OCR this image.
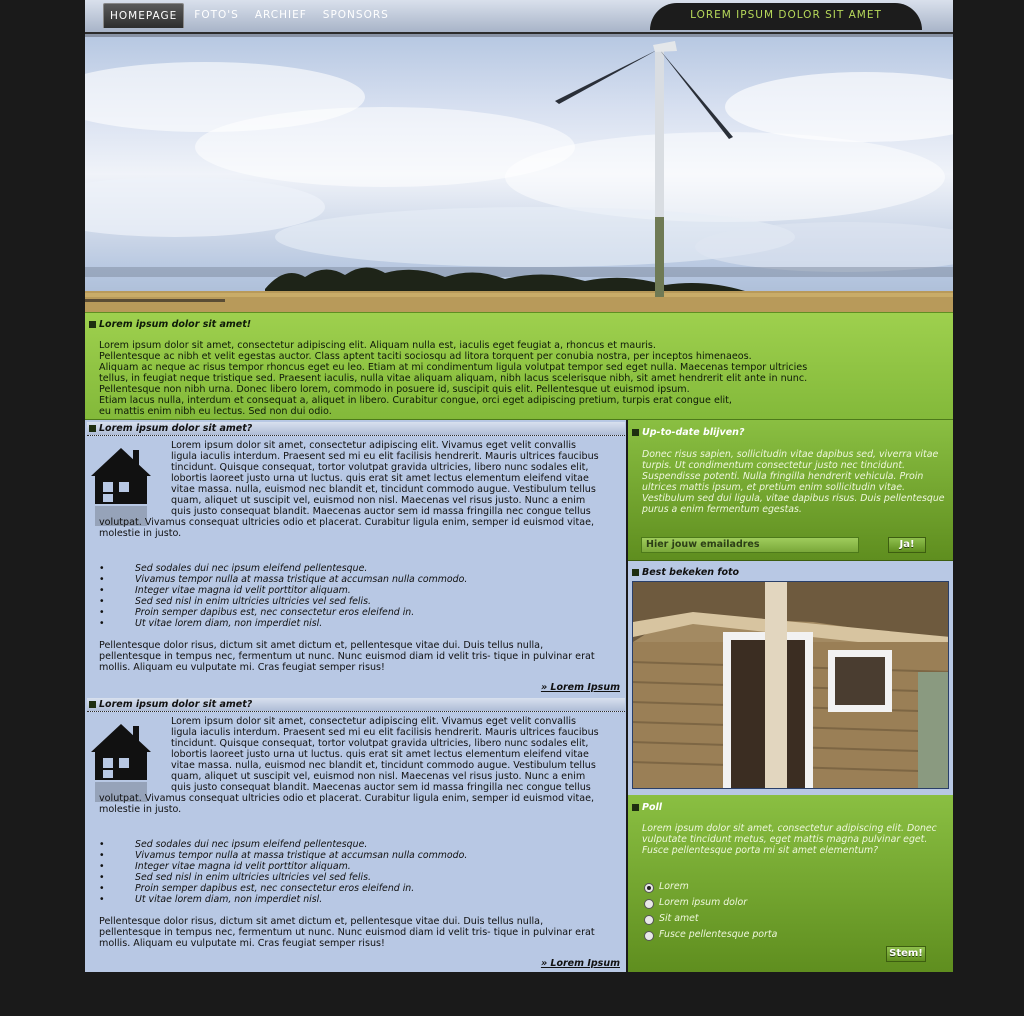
HOMEPAGE	FOTO'S	ARCHIEF	SPONSORS	LOREM IPSUM DOLOR SIT AMET
Lorem ipsum dolor sit amet!
Lorem ipsum dolor sit amet, consectetur adipiscing elit. Aliquam nulla est, iaculis eget feugiat a, rhoncus et mauris.
Pellentesque ac nibh et velit egestas auctor. Class aptent taciti sociosqu ad litora torquent per conubia nostra, per inceptos himenaeos.
Aliquam ac neque ac risus tempor rhoncus eget eu leo. Etiam at mi condimentum ligula volutpat tempor sed eget nulla. Maecenas tempor ultricies
tellus, in feugiat neque tristique sed. Praesent iaculis, nulla vitae aliquam aliquam, nibh lacus scelerisque nibh, sit amet hendrerit elit ante in nunc.
Pellentesque non nibh urna. Donec libero lorem, commodo in posuere id, suscipit quis elit. Pellentesque ut euismod ipsum.
Etiam lacus nulla, interdum et consequat a, aliquet in libero. Curabitur congue, orci eget adipiscing pretium, turpis erat congue elit,
eu mattis enim nibh eu lectus. Sed non dui odio.
Lorem ipsum dolor sit amet?
Lorem ipsum dolor sit amet, consectetur adipiscing elit. Vivamus eget velit convallis ligula iaculis interdum. Praesent sed mi eu elit facilisis hendrerit. Mauris ultrices faucibus tincidunt. Quisque consequat, tortor volutpat gravida ultricies, libero nunc sodales elit, lobortis laoreet justo urna ut luctus. quis erat sit amet lectus elementum eleifend vitae vitae massa. nulla, euismod nec blandit et, tincidunt commodo augue. Vestibulum tellus quam, aliquet ut suscipit vel, euismod non nisl. Maecenas vel risus justo. Nunc a enim quis justo consequat blandit. Maecenas auctor sem id massa fringilla nec congue tellus volutpat. Vivamus consequat ultricies odio et placerat. Curabitur ligula enim, semper id euismod vitae, molestie in justo.
• Sed sodales dui nec ipsum eleifend pellentesque.
• Vivamus tempor nulla at massa tristique at accumsan nulla commodo.
• Integer vitae magna id velit porttitor aliquam.
• Sed sed nisl in enim ultricies ultricies vel sed felis.
• Proin semper dapibus est, nec consectetur eros eleifend in.
• Ut vitae lorem diam, non imperdiet nisl.
Pellentesque dolor risus, dictum sit amet dictum et, pellentesque vitae dui. Duis tellus nulla, pellentesque in tempus nec, fermentum ut nunc. Nunc euismod diam id velit tris- tique in pulvinar erat mollis. Aliquam eu vulputate mi. Cras feugiat semper risus!
» Lorem Ipsum
Lorem ipsum dolor sit amet?
Lorem ipsum dolor sit amet, consectetur adipiscing elit. Vivamus eget velit convallis ligula iaculis interdum. Praesent sed mi eu elit facilisis hendrerit. Mauris ultrices faucibus tincidunt. Quisque consequat, tortor volutpat gravida ultricies, libero nunc sodales elit, lobortis laoreet justo urna ut luctus. quis erat sit amet lectus elementum eleifend vitae vitae massa. nulla, euismod nec blandit et, tincidunt commodo augue. Vestibulum tellus quam, aliquet ut suscipit vel, euismod non nisl. Maecenas vel risus justo. Nunc a enim quis justo consequat blandit. Maecenas auctor sem id massa fringilla nec congue tellus volutpat. Vivamus consequat ultricies odio et placerat. Curabitur ligula enim, semper id euismod vitae, molestie in justo.
• Sed sodales dui nec ipsum eleifend pellentesque.
• Vivamus tempor nulla at massa tristique at accumsan nulla commodo.
• Integer vitae magna id velit porttitor aliquam.
• Sed sed nisl in enim ultricies ultricies vel sed felis.
• Proin semper dapibus est, nec consectetur eros eleifend in.
• Ut vitae lorem diam, non imperdiet nisl.
Pellentesque dolor risus, dictum sit amet dictum et, pellentesque vitae dui. Duis tellus nulla, pellentesque in tempus nec, fermentum ut nunc. Nunc euismod diam id velit tris- tique in pulvinar erat mollis. Aliquam eu vulputate mi. Cras feugiat semper risus!
» Lorem Ipsum
Up-to-date blijven?
Donec risus sapien, sollicitudin vitae dapibus sed, viverra vitae turpis. Ut condimentum consectetur justo nec tincidunt. Suspendisse potenti. Nulla fringilla hendrerit vehicula. Proin ultrices mattis ipsum, et pretium enim sollicitudin vitae. Vestibulum sed dui ligula, vitae dapibus risus. Duis pellentesque purus a enim fermentum egestas.
Hier jouw emailadres	Ja!
Best bekeken foto
Poll
Lorem ipsum dolor sit amet, consectetur adipiscing elit. Donec vulputate tincidunt metus, eget mattis magna pulvinar eget. Fusce pellentesque porta mi sit amet elementum?
Lorem
Lorem ipsum dolor
Sit amet
Fusce pellentesque porta
Stem!
